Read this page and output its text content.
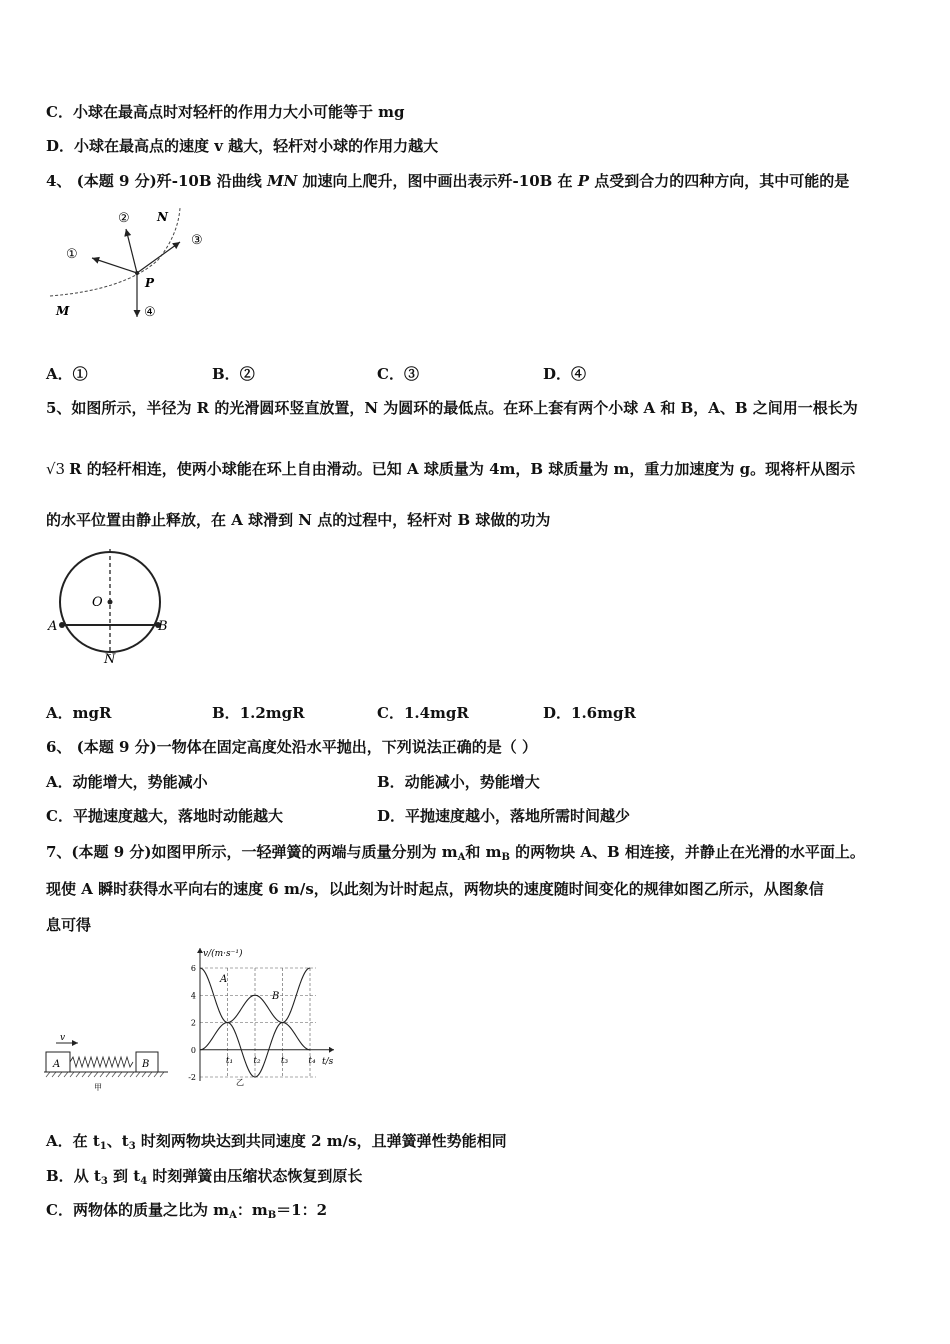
C．小球在最高点时对轻杆的作用力大小可能等于 mg
D．小球在最高点的速度 v 越大，轻杆对小球的作用力越大
4、 (本题 9 分)歼-10B 沿曲线 MN 加速向上爬升，图中画出表示歼-10B 在 P 点受到合力的四种方向，其中可能的是
N
M
P
①
②
③
④
A．①	B．②	C．③	D．④
5、如图所示，半径为 R 的光滑圆环竖直放置，N 为圆环的最低点。在环上套有两个小球 A 和 B，A、B 之间用一根长为
√3 R 的轻杆相连，使两小球能在环上自由滑动。已知 A 球质量为 4m，B 球质量为 m，重力加速度为 g。现将杆从图示
的水平位置由静止释放，在 A 球滑到 N 点的过程中，轻杆对 B 球做的功为
O
A	B
N
A．mgR	B．1.2mgR	C．1.4mgR	D．1.6mgR
6、 (本题 9 分)一物体在固定高度处沿水平抛出，下列说法正确的是（ ）
A．动能增大，势能减小	B．动能减小，势能增大
C．平抛速度越大，落地时动能越大	D．平抛速度越小，落地所需时间越少
7、(本题 9 分)如图甲所示，一轻弹簧的两端与质量分别为 $m_A$和 $m_B$ 的两物块 A、B 相连接，并静止在光滑的水平面上。
现使 A 瞬时获得水平向右的速度 6 m/s，以此刻为计时起点，两物块的速度随时间变化的规律如图乙所示，从图象信
息可得
v
A	B
甲
v/(m·s⁻¹)
t/s
6
4
2
0
-2
t₁ t₂ t₃ t₄
A
B
乙
A．在 $t_1$、$t_3$ 时刻两物块达到共同速度 2 m/s，且弹簧弹性势能相同
B．从 $t_3$ 到 $t_4$ 时刻弹簧由压缩状态恢复到原长
C．两物体的质量之比为 $m_A$：$m_B=1$：2
